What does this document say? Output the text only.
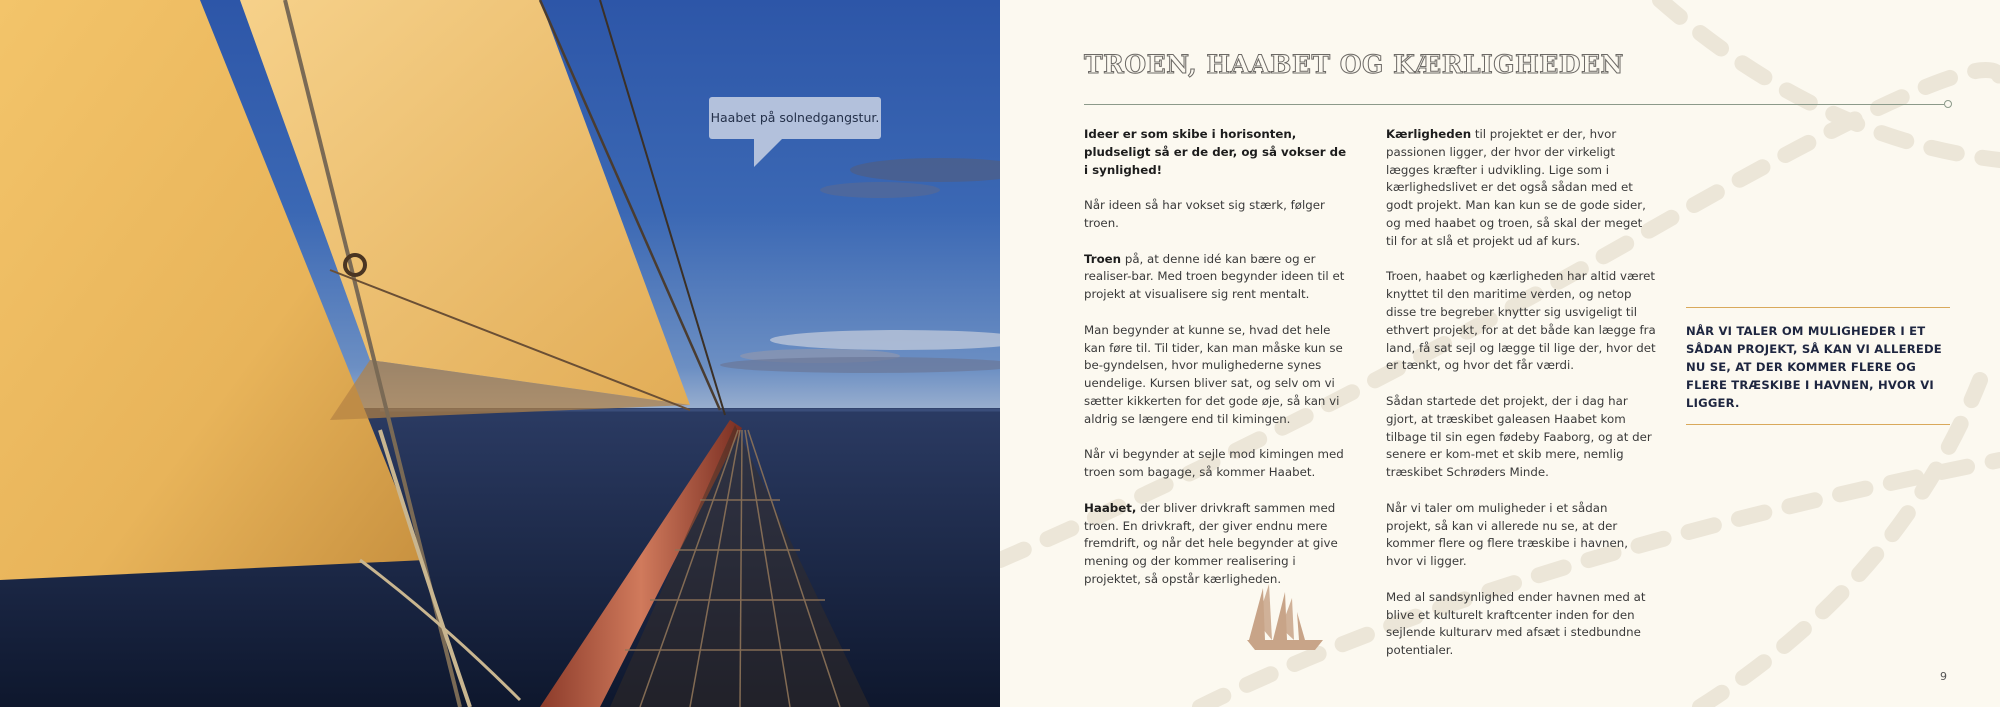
Haabet på solnedgangstur.
TROEN, HAABET OG KÆRLIGHEDEN

Ideer er som skibe i horisonten, pludseligt så er de der, og så vokser de i synlighed!

Når ideen så har vokset sig stærk, følger troen.

Troen på, at denne idé kan bære og er realiser-bar. Med troen begynder ideen til et projekt at visualisere sig rent mentalt.

Man begynder at kunne se, hvad det hele kan føre til. Til tider, kan man måske kun se be-gyndelsen, hvor mulighederne synes uendelige. Kursen bliver sat, og selv om vi sætter kikkerten for det gode øje, så kan vi aldrig se længere end til kimingen.

Når vi begynder at sejle mod kimingen med troen som bagage, så kommer Haabet.

Haabet, der bliver drivkraft sammen med troen. En drivkraft, der giver endnu mere fremdrift, og når det hele begynder at give mening og der kommer realisering i projektet, så opstår kærligheden.

Kærligheden til projektet er der, hvor passionen ligger, der hvor der virkeligt lægges kræfter i udvikling. Lige som i kærlighedslivet er det også sådan med et godt projekt. Man kan kun se de gode sider, og med haabet og troen, så skal der meget til for at slå et projekt ud af kurs.

Troen, haabet og kærligheden har altid været knyttet til den maritime verden, og netop disse tre begreber knytter sig usvigeligt til ethvert projekt, for at det både kan lægge fra land, få sat sejl og lægge til lige der, hvor det er tænkt, og hvor det får værdi.

Sådan startede det projekt, der i dag har gjort, at træskibet galeasen Haabet kom tilbage til sin egen fødeby Faaborg, og at der senere er kom-met et skib mere, nemlig træskibet Schrøders Minde.

Når vi taler om muligheder i et sådan projekt, så kan vi allerede nu se, at der kommer flere og flere træskibe i havnen, hvor vi ligger.

Med al sandsynlighed ender havnen med at blive et kulturelt kraftcenter inden for den sejlende kulturarv med afsæt i stedbundne potentialer.

NÅR VI TALER OM MULIGHEDER I ET SÅDAN PROJEKT, SÅ KAN VI ALLEREDE NU SE, AT DER KOMMER FLERE OG FLERE TRÆSKIBE I HAVNEN, HVOR VI LIGGER.
9
